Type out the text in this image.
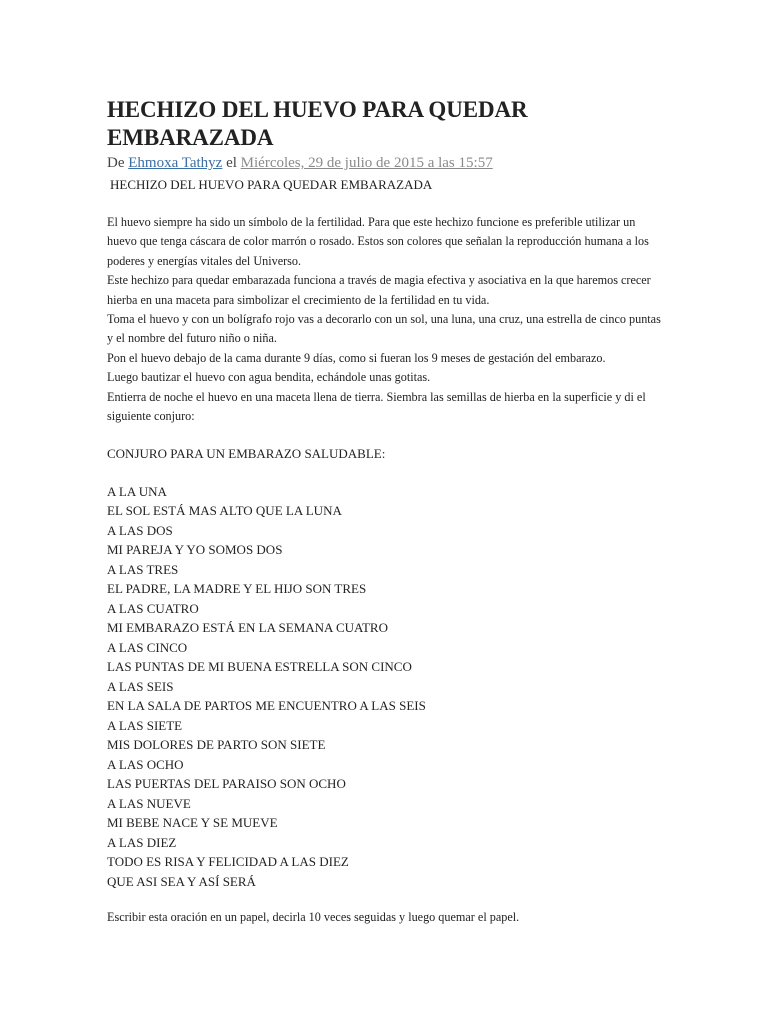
HECHIZO DEL HUEVO PARA QUEDAR EMBARAZADA
De Ehmoxa Tathyz el Miércoles, 29 de julio de 2015 a las 15:57
HECHIZO DEL HUEVO PARA QUEDAR EMBARAZADA

El huevo siempre ha sido un símbolo de la fertilidad. Para que este hechizo funcione es preferible utilizar un huevo que tenga cáscara de color marrón o rosado. Estos son colores que señalan la reproducción humana a los poderes y energías vitales del Universo.

Este hechizo para quedar embarazada funciona a través de magia efectiva y asociativa en la que haremos crecer hierba en una maceta para simbolizar el crecimiento de la fertilidad en tu vida.

Toma el huevo y con un bolígrafo rojo vas a decorarlo con un sol, una luna, una cruz, una estrella de cinco puntas y el nombre del futuro niño o niña.

Pon el huevo debajo de la cama durante 9 días, como si fueran los 9 meses de gestación del embarazo.

Luego bautizar el huevo con agua bendita, echándole unas gotitas.

Entierra de noche el huevo en una maceta llena de tierra. Siembra las semillas de hierba en la superficie y di el siguiente conjuro:

CONJURO PARA UN EMBARAZO SALUDABLE:
A LA UNA
EL SOL ESTÁ MAS ALTO QUE LA LUNA
A LAS DOS
MI PAREJA Y YO SOMOS DOS
A LAS TRES
EL PADRE, LA MADRE Y EL HIJO SON TRES
A LAS CUATRO
MI EMBARAZO ESTÁ EN LA SEMANA CUATRO
A LAS CINCO
LAS PUNTAS DE MI BUENA ESTRELLA SON CINCO
A LAS SEIS
EN LA SALA DE PARTOS ME ENCUENTRO A LAS SEIS
A LAS SIETE
MIS DOLORES DE PARTO SON SIETE
A LAS OCHO
LAS PUERTAS DEL PARAISO SON OCHO
A LAS NUEVE
MI BEBE NACE Y SE MUEVE
A LAS DIEZ
TODO ES RISA Y FELICIDAD A LAS DIEZ
QUE ASI SEA Y ASÍ SERÁ
Escribir esta oración en un papel, decirla 10 veces seguidas y luego quemar el papel.
